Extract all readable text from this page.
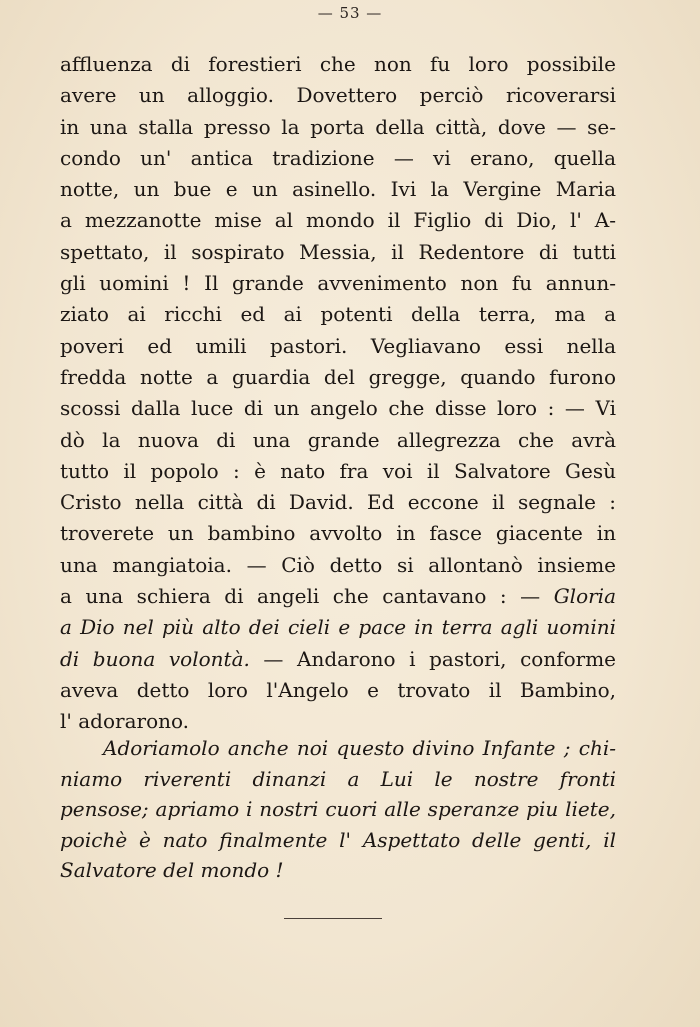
— 53 —
affluenza di forestieri che non fu loro possibile
avere un alloggio. Dovettero perciò ricoverarsi
in una stalla presso la porta della città, dove — se-
condo un' antica tradizione — vi erano, quella
notte, un bue e un asinello. Ivi la Vergine Maria
a mezzanotte mise al mondo il Figlio di Dio, l' A-
spettato, il sospirato Messia, il Redentore di tutti
gli uomini ! Il grande avvenimento non fu annun-
ziato ai ricchi ed ai potenti della terra, ma a
poveri ed umili pastori. Vegliavano essi nella
fredda notte a guardia del gregge, quando furono
scossi dalla luce di un angelo che disse loro : — Vi
dò la nuova di una grande allegrezza che avrà
tutto il popolo : è nato fra voi il Salvatore Gesù
Cristo nella città di David. Ed eccone il segnale :
troverete un bambino avvolto in fasce giacente in
una mangiatoia. — Ciò detto si allontanò insieme
a una schiera di angeli che cantavano : — Gloria
a Dio nel più alto dei cieli e pace in terra agli uomini
di buona volontà. — Andarono i pastori, conforme
aveva detto loro l'Angelo e trovato il Bambino,
l' adorarono.
Adoriamolo anche noi questo divino Infante ; chi-
niamo riverenti dinanzi a Lui le nostre fronti
pensose; apriamo i nostri cuori alle speranze piu liete,
poichè è nato finalmente l' Aspettato delle genti, il
Salvatore del mondo !
